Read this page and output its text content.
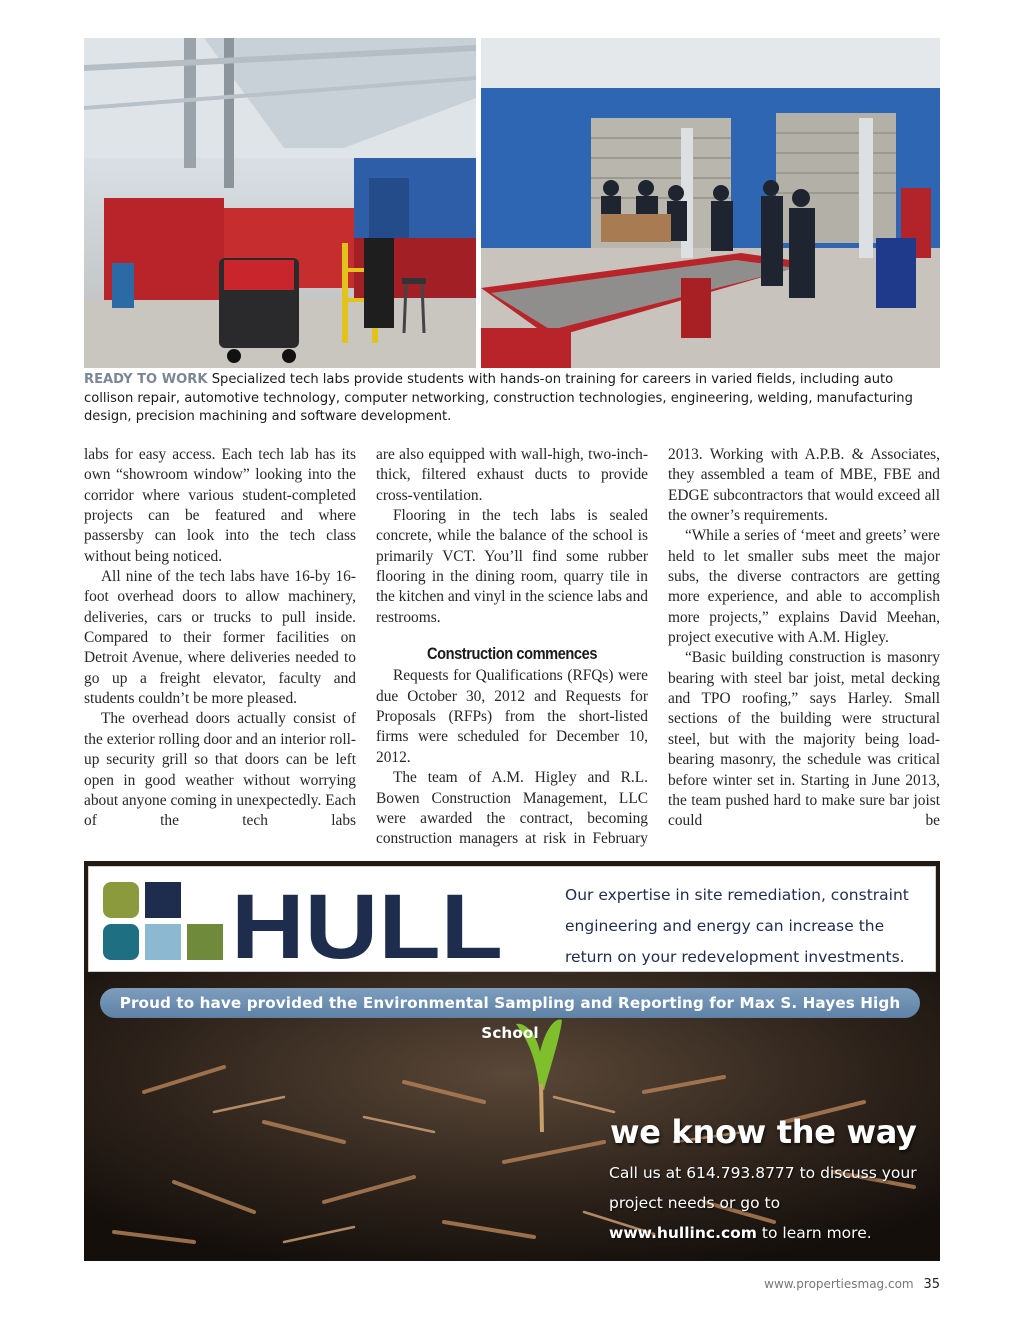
READY TO WORK Specialized tech labs provide students with hands-on training for careers in varied fields, including auto collison repair, automotive technology, computer networking, construction technologies, engineering, welding, manufacturing design, precision machining and software development.

labs for easy access. Each tech lab has its own “showroom window” looking into the corridor where various student-completed projects can be featured and where passersby can look into the tech class without being noticed.

All nine of the tech labs have 16-by 16-foot overhead doors to allow machinery, deliveries, cars or trucks to pull inside. Compared to their former facilities on Detroit Avenue, where deliveries needed to go up a freight elevator, faculty and students couldn’t be more pleased.

The overhead doors actually consist of the exterior rolling door and an interior roll-up security grill so that doors can be left open in good weather without worrying about anyone coming in unexpectedly. Each of the tech labs

are also equipped with wall-high, two-inch-thick, filtered exhaust ducts to provide cross-ventilation.

Flooring in the tech labs is sealed concrete, while the balance of the school is primarily VCT. You’ll find some rubber flooring in the dining room, quarry tile in the kitchen and vinyl in the science labs and restrooms.

Construction commences

Requests for Qualifications (RFQs) were due October 30, 2012 and Requests for Proposals (RFPs) from the short-listed firms were scheduled for December 10, 2012.

The team of A.M. Higley and R.L. Bowen Construction Management, LLC were awarded the contract, becoming construction managers at risk in February

2013. Working with A.P.B. & Associates, they assembled a team of MBE, FBE and EDGE subcontractors that would exceed all the owner’s requirements.

“While a series of ‘meet and greets’ were held to let smaller subs meet the major subs, the diverse contractors are getting more experience, and able to accomplish more projects,” explains David Meehan, project executive with A.M. Higley.

“Basic building construction is masonry bearing with steel bar joist, metal decking and TPO roofing,” says Harley. Small sections of the building were structural steel, but with the majority being load-bearing masonry, the schedule was critical before winter set in. Starting in June 2013, the team pushed hard to make sure bar joist could be

HULL	Our expertise in site remediation, constraint engineering and energy can increase the return on your redevelopment investments.
Proud to have provided the Environmental Sampling and Reporting for Max S. Hayes High School
we know the way
Call us at 614.793.8777 to discuss your project needs or go to www.hullinc.com to learn more.
www.propertiesmag.com 35
